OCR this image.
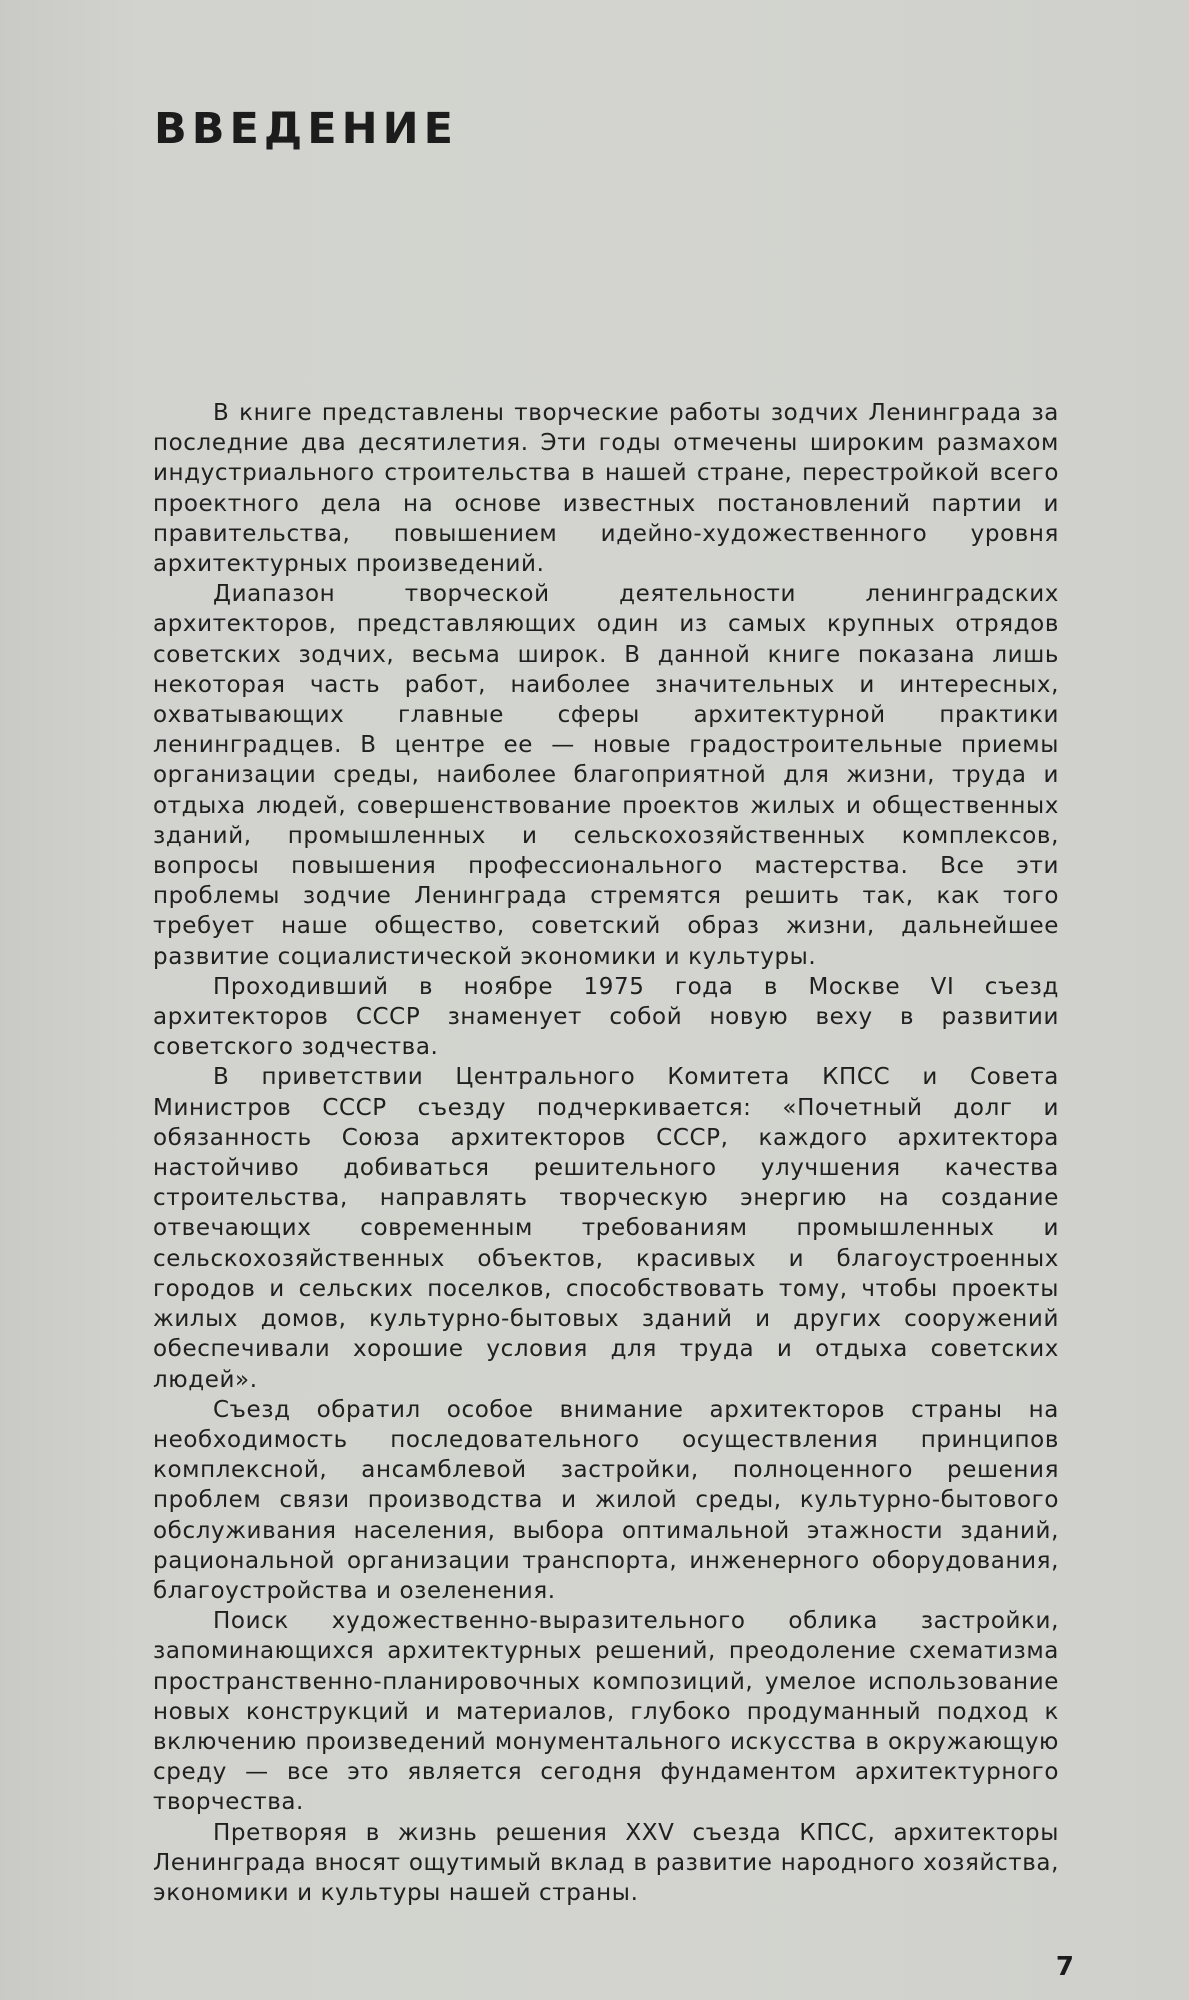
ВВЕДЕНИЕ

В книге представлены творческие работы зодчих Ленинграда за последние два десятилетия. Эти годы отмечены широким размахом индустриального строительства в нашей стране, перестройкой всего проектного дела на основе известных постановлений партии и правительства, повышением идейно-художественного уровня архитектурных произведений.

Диапазон творческой деятельности ленинградских архитекторов, представляющих один из самых крупных отрядов советских зодчих, весьма широк. В данной книге показана лишь некоторая часть работ, наиболее значительных и интересных, охватывающих главные сферы архитектурной практики ленинградцев. В центре ее — новые градостроительные приемы организации среды, наиболее благоприятной для жизни, труда и отдыха людей, совершенствование проектов жилых и общественных зданий, промышленных и сельскохозяйственных комплексов, вопросы повышения профессионального мастерства. Все эти проблемы зодчие Ленинграда стремятся решить так, как того требует наше общество, советский образ жизни, дальнейшее развитие социалистической экономики и культуры.

Проходивший в ноябре 1975 года в Москве VI съезд архитекторов СССР знаменует собой новую веху в развитии советского зодчества.

В приветствии Центрального Комитета КПСС и Совета Министров СССР съезду подчеркивается: «Почетный долг и обязанность Союза архитекторов СССР, каждого архитектора настойчиво добиваться решительного улучшения качества строительства, направлять творческую энергию на создание отвечающих современным требованиям промышленных и сельскохозяйственных объектов, красивых и благоустроенных городов и сельских поселков, способствовать тому, чтобы проекты жилых домов, культурно-бытовых зданий и других сооружений обеспечивали хорошие условия для труда и отдыха советских людей».

Съезд обратил особое внимание архитекторов страны на необходимость последовательного осуществления принципов комплексной, ансамблевой застройки, полноценного решения проблем связи производства и жилой среды, культурно-бытового обслуживания населения, выбора оптимальной этажности зданий, рациональной организации транспорта, инженерного оборудования, благоустройства и озеленения.

Поиск художественно-выразительного облика застройки, запоминающихся архитектурных решений, преодоление схематизма пространственно-планировочных композиций, умелое использование новых конструкций и материалов, глубоко продуманный подход к включению произведений монументального искусства в окружающую среду — все это является сегодня фундаментом архитектурного творчества.

Претворяя в жизнь решения XXV съезда КПСС, архитекторы Ленинграда вносят ощутимый вклад в развитие народного хозяйства, экономики и культуры нашей страны.

7
